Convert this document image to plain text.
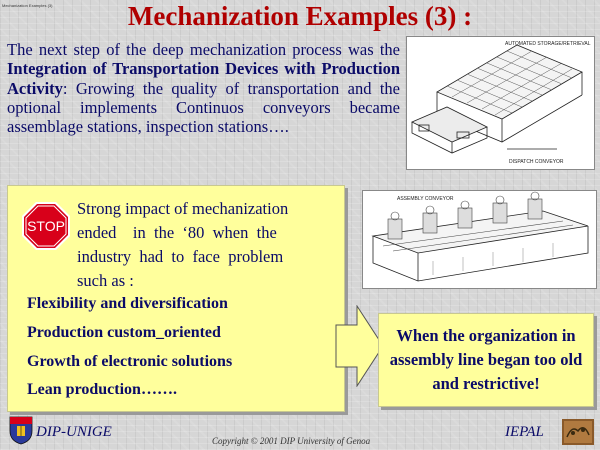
Mechanization Examples (3)	Mechanization Examples (3) :
The next step of the deep mechanization process was the Integration of Transportation Devices with Production Activity: Growing the quality of transportation and the optional implements Continuos conveyors became assemblage stations, inspection stations….
AUTOMATED STORAGE/RETRIEVAL
DISPATCH CONVEYOR
ASSEMBLY CONVEYOR
STOP
Strong impact of mechanization
ended    in  the  ‘80  when  the
industry  had  to  face  problem
such as :
Flexibility and diversification
Production custom_oriented
Growth of electronic solutions
Lean production…….
When the organization in assembly line began too old and restrictive!
DIP-UNIGE
Copyright © 2001 DIP University of Genoa
IEPAL
